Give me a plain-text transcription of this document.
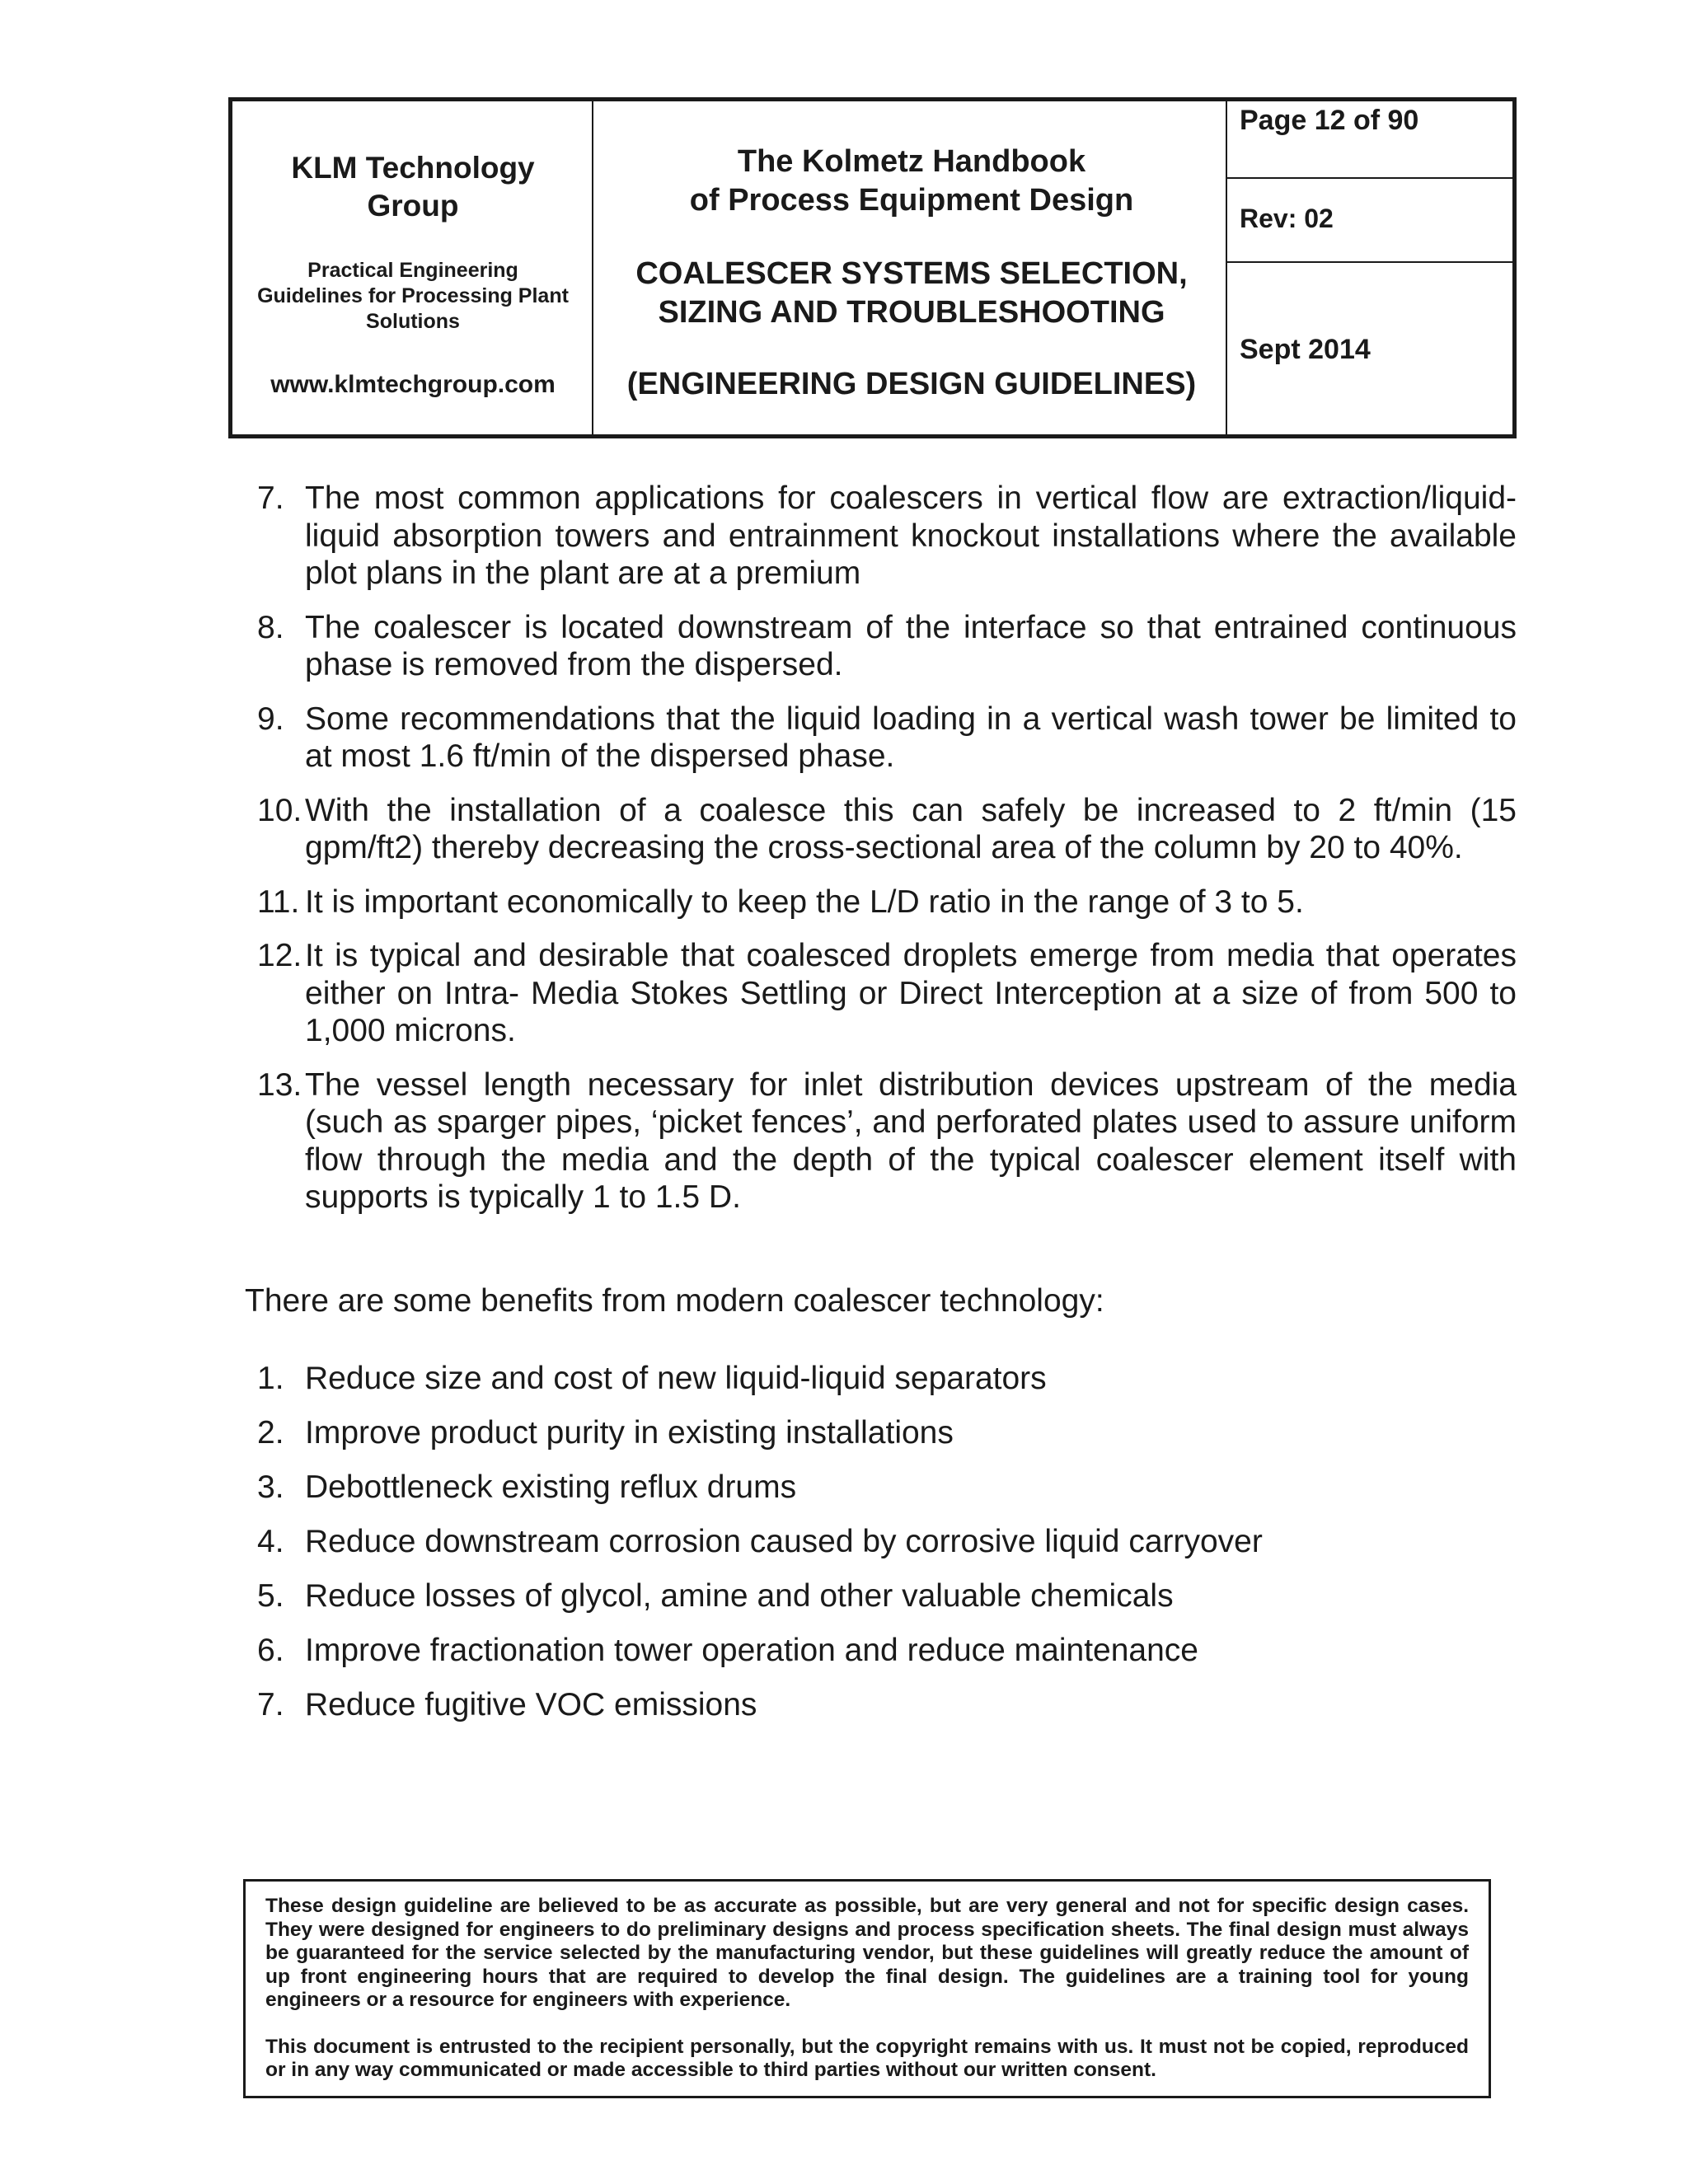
KLM Technology
Group
Practical Engineering
Guidelines for Processing Plant
Solutions
www.klmtechgroup.com
The Kolmetz Handbook
of Process Equipment Design
COALESCER SYSTEMS SELECTION,
SIZING AND TROUBLESHOOTING
(ENGINEERING DESIGN GUIDELINES)
Page 12 of 90
Rev: 02
Sept 2014
7. The most common applications for coalescers in vertical flow are extraction/liquid-liquid absorption towers and entrainment knockout installations where the available plot plans in the plant are at a premium
8. The coalescer is located downstream of the interface so that entrained continuous phase is removed from the dispersed.
9. Some recommendations that the liquid loading in a vertical wash tower be limited to at most 1.6 ft/min of the dispersed phase.
10. With the installation of a coalesce this can safely be increased to 2 ft/min (15 gpm/ft2) thereby decreasing the cross-sectional area of the column by 20 to 40%.
11. It is important economically to keep the L/D ratio in the range of 3 to 5.
12. It is typical and desirable that coalesced droplets emerge from media that operates either on Intra- Media Stokes Settling or Direct Interception at a size of from 500 to 1,000 microns.
13. The vessel length necessary for inlet distribution devices upstream of the media (such as sparger pipes, ‘picket fences’, and perforated plates used to assure uniform flow through the media and the depth of the typical coalescer element itself with supports is typically 1 to 1.5 D.

There are some benefits from modern coalescer technology:

1. Reduce size and cost of new liquid-liquid separators
2. Improve product purity in existing installations
3. Debottleneck existing reflux drums
4. Reduce downstream corrosion caused by corrosive liquid carryover
5. Reduce losses of glycol, amine and other valuable chemicals
6. Improve fractionation tower operation and reduce maintenance
7. Reduce fugitive VOC emissions

These design guideline are believed to be as accurate as possible, but are very general and not for specific design cases. They were designed for engineers to do preliminary designs and process specification sheets. The final design must always be guaranteed for the service selected by the manufacturing vendor, but these guidelines will greatly reduce the amount of up front engineering hours that are required to develop the final design. The guidelines are a training tool for young engineers or a resource for engineers with experience.

This document is entrusted to the recipient personally, but the copyright remains with us. It must not be copied, reproduced or in any way communicated or made accessible to third parties without our written consent.
